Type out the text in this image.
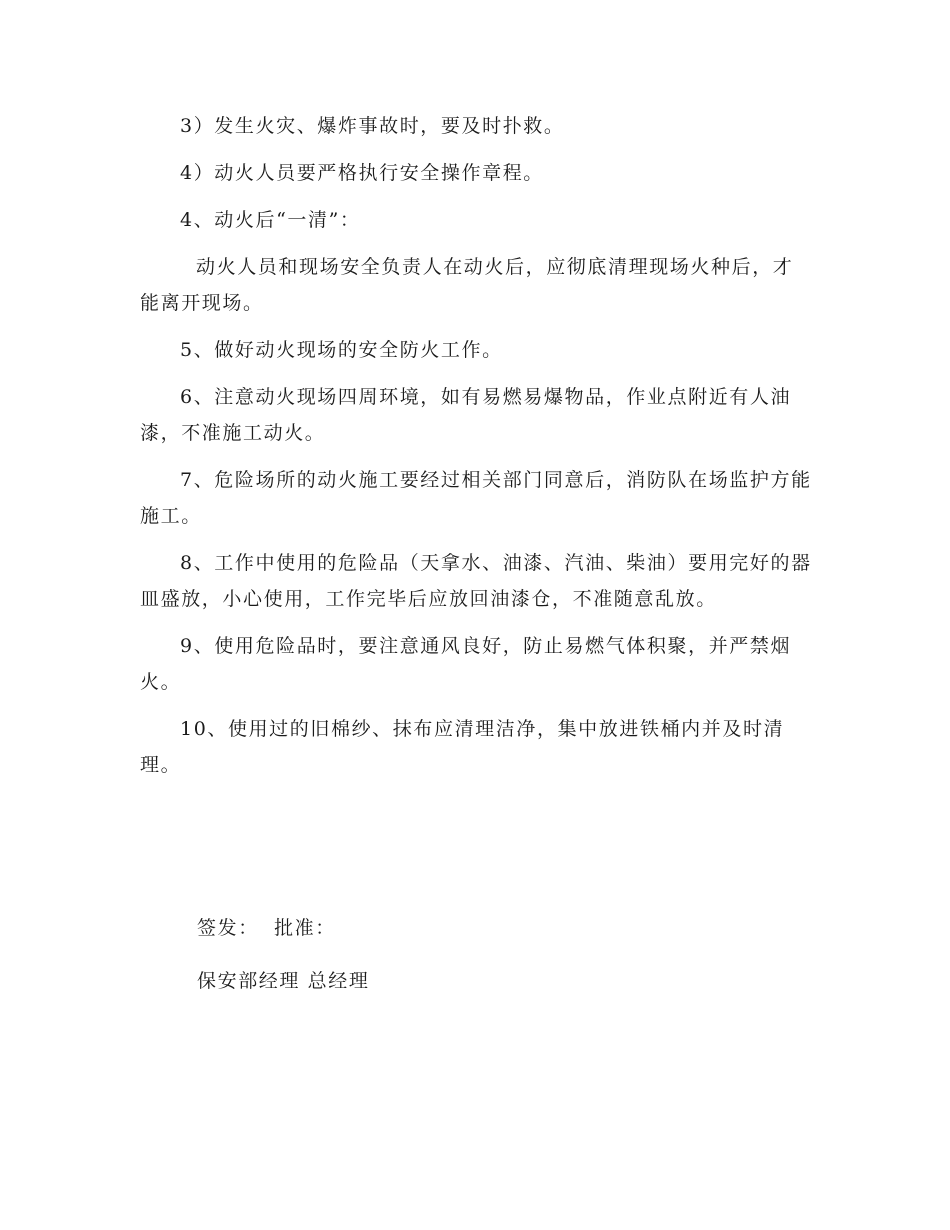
3）发生火灾、爆炸事故时，要及时扑救。

4）动火人员要严格执行安全操作章程。

4、动火后“一清”：

动火人员和现场安全负责人在动火后，应彻底清理现场火种后，才能离开现场。

5、做好动火现场的安全防火工作。

6、注意动火现场四周环境，如有易燃易爆物品，作业点附近有人油漆，不准施工动火。

7、危险场所的动火施工要经过相关部门同意后，消防队在场监护方能施工。

8、工作中使用的危险品（天拿水、油漆、汽油、柴油）要用完好的器皿盛放，小心使用，工作完毕后应放回油漆仓，不准随意乱放。

9、使用危险品时，要注意通风良好，防止易燃气体积聚，并严禁烟火。

10、使用过的旧棉纱、抹布应清理洁净，集中放进铁桶内并及时清理。

签发：  批准：
保安部经理 总经理
